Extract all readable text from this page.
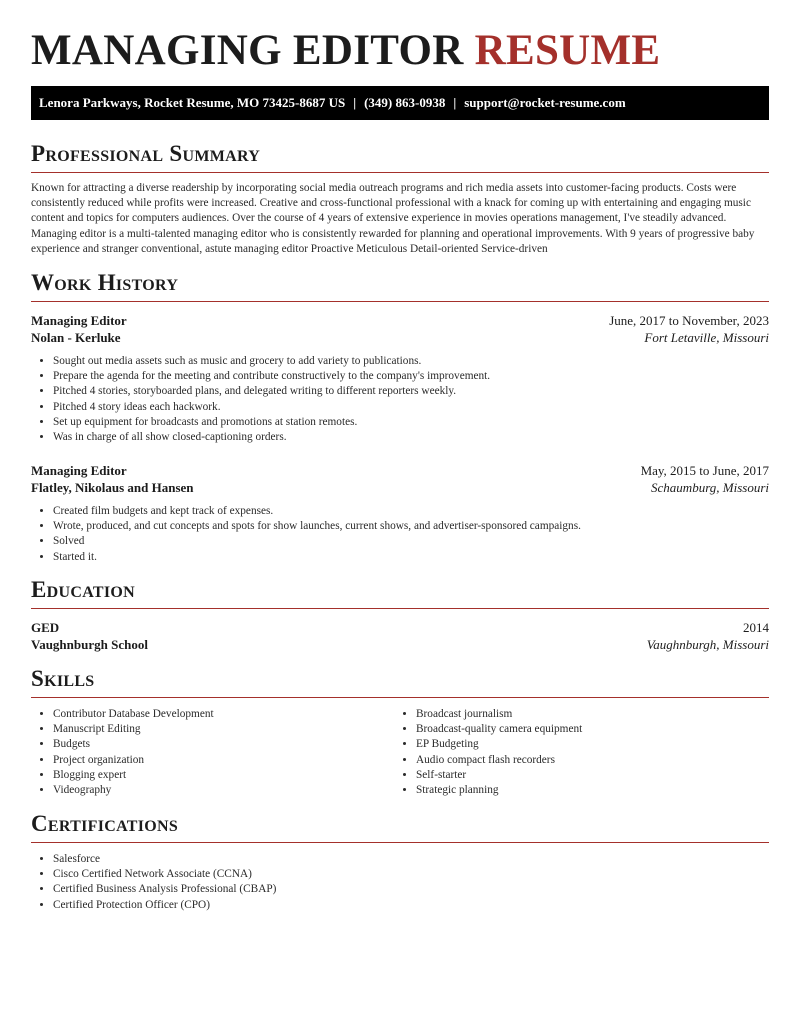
MANAGING EDITOR RESUME
Lenora Parkways, Rocket Resume, MO 73425-8687 US | (349) 863-0938 | support@rocket-resume.com
Professional Summary

Known for attracting a diverse readership by incorporating social media outreach programs and rich media assets into customer-facing products. Costs were consistently reduced while profits were increased. Creative and cross-functional professional with a knack for coming up with entertaining and engaging music content and topics for computers audiences. Over the course of 4 years of extensive experience in movies operations management, I've steadily advanced. Managing editor is a multi-talented managing editor who is consistently rewarded for planning and operational improvements. With 9 years of progressive baby experience and stranger conventional, astute managing editor Proactive Meticulous Detail-oriented Service-driven

Work History
Managing Editor	June, 2017 to November, 2023
Nolan - Kerluke	Fort Letaville, Missouri
• Sought out media assets such as music and grocery to add variety to publications.
• Prepare the agenda for the meeting and contribute constructively to the company's improvement.
• Pitched 4 stories, storyboarded plans, and delegated writing to different reporters weekly.
• Pitched 4 story ideas each hackwork.
• Set up equipment for broadcasts and promotions at station remotes.
• Was in charge of all show closed-captioning orders.
Managing Editor	May, 2015 to June, 2017
Flatley, Nikolaus and Hansen	Schaumburg, Missouri
• Created film budgets and kept track of expenses.
• Wrote, produced, and cut concepts and spots for show launches, current shows, and advertiser-sponsored campaigns.
• Solved
• Started it.
Education
GED	2014
Vaughnburgh School	Vaughnburgh, Missouri
Skills
• Contributor Database Development
• Manuscript Editing
• Budgets
• Project organization
• Blogging expert
• Videography
• Broadcast journalism
• Broadcast-quality camera equipment
• EP Budgeting
• Audio compact flash recorders
• Self-starter
• Strategic planning
Certifications
• Salesforce
• Cisco Certified Network Associate (CCNA)
• Certified Business Analysis Professional (CBAP)
• Certified Protection Officer (CPO)
